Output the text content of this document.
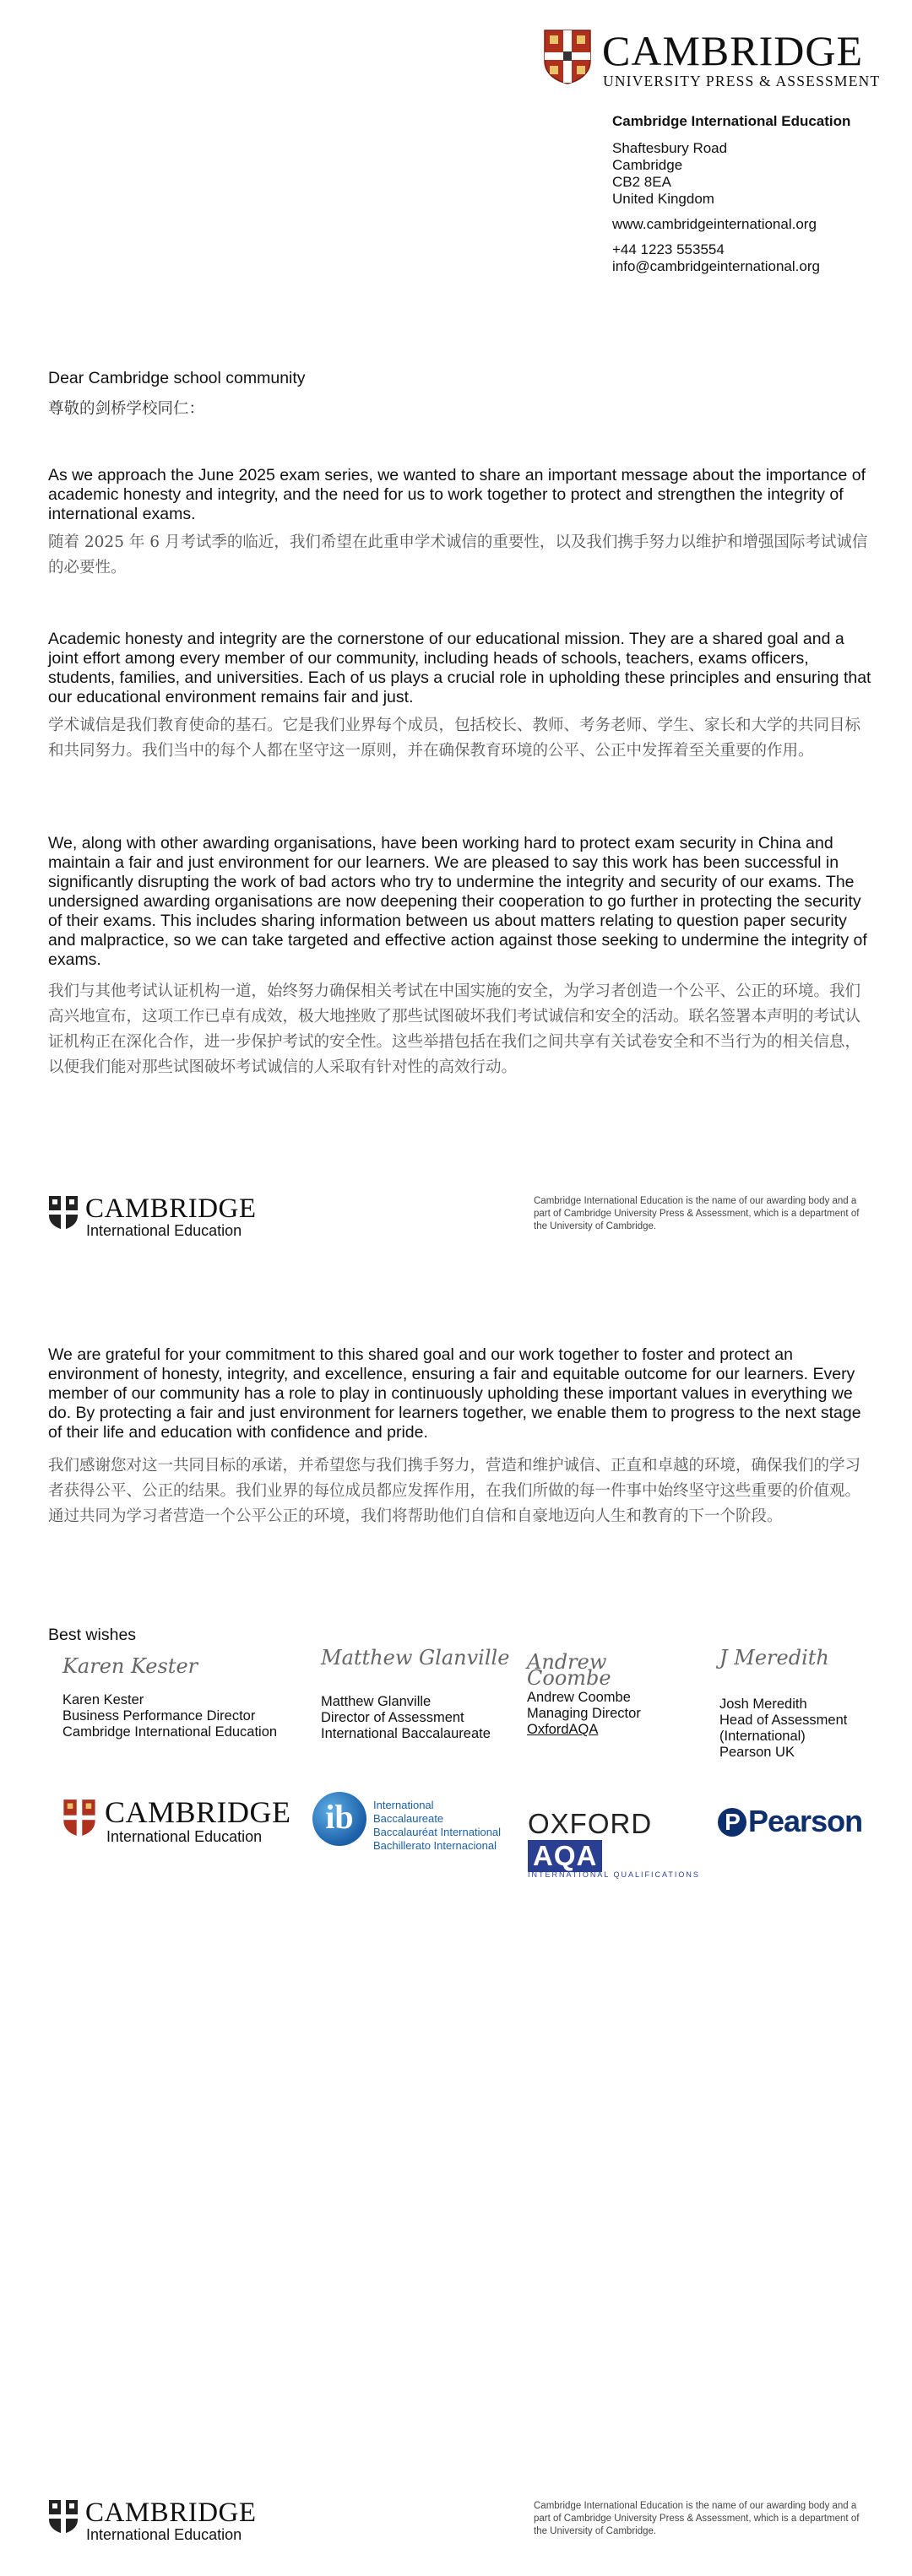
CAMBRIDGE
UNIVERSITY PRESS & ASSESSMENT
Cambridge International Education
Shaftesbury Road
Cambridge
CB2 8EA
United Kingdom
www.cambridgeinternational.org
+44 1223 553554
info@cambridgeinternational.org
Dear Cambridge school community
尊敬的剑桥学校同仁：
As we approach the June 2025 exam series, we wanted to share an important message about the importance of academic honesty and integrity, and the need for us to work together to protect and strengthen the integrity of international exams.
随着 2025 年 6 月考试季的临近，我们希望在此重申学术诚信的重要性，以及我们携手努力以维护和增强国际考试诚信的必要性。
Academic honesty and integrity are the cornerstone of our educational mission. They are a shared goal and a joint effort among every member of our community, including heads of schools, teachers, exams officers, students, families, and universities. Each of us plays a crucial role in upholding these principles and ensuring that our educational environment remains fair and just.
学术诚信是我们教育使命的基石。它是我们业界每个成员，包括校长、教师、考务老师、学生、家长和大学的共同目标和共同努力。我们当中的每个人都在坚守这一原则，并在确保教育环境的公平、公正中发挥着至关重要的作用。
We, along with other awarding organisations, have been working hard to protect exam security in China and maintain a fair and just environment for our learners. We are pleased to say this work has been successful in significantly disrupting the work of bad actors who try to undermine the integrity and security of our exams. The undersigned awarding organisations are now deepening their cooperation to go further in protecting the security of their exams. This includes sharing information between us about matters relating to question paper security and malpractice, so we can take targeted and effective action against those seeking to undermine the integrity of exams.
我们与其他考试认证机构一道，始终努力确保相关考试在中国实施的安全，为学习者创造一个公平、公正的环境。我们高兴地宣布，这项工作已卓有成效，极大地挫败了那些试图破坏我们考试诚信和安全的活动。联名签署本声明的考试认证机构正在深化合作，进一步保护考试的安全性。这些举措包括在我们之间共享有关试卷安全和不当行为的相关信息，以便我们能对那些试图破坏考试诚信的人采取有针对性的高效行动。
CAMBRIDGE
International Education
Cambridge International Education is the name of our awarding body and a part of Cambridge University Press & Assessment, which is a department of the University of Cambridge.
We are grateful for your commitment to this shared goal and our work together to foster and protect an environment of honesty, integrity, and excellence, ensuring a fair and equitable outcome for our learners. Every member of our community has a role to play in continuously upholding these important values in everything we do. By protecting a fair and just environment for learners together, we enable them to progress to the next stage of their life and education with confidence and pride.
我们感谢您对这一共同目标的承诺，并希望您与我们携手努力，营造和维护诚信、正直和卓越的环境，确保我们的学习者获得公平、公正的结果。我们业界的每位成员都应发挥作用，在我们所做的每一件事中始终坚守这些重要的价值观。通过共同为学习者营造一个公平公正的环境，我们将帮助他们自信和自豪地迈向人生和教育的下一个阶段。
Best wishes
Karen Kester
Karen Kester
Business Performance Director
Cambridge International Education
Matthew Glanville
Matthew Glanville
Director of Assessment
International Baccalaureate
Andrew Coombe
Andrew Coombe
Managing Director
OxfordAQA
J Meredith
Josh Meredith
Head of Assessment
(International)
Pearson UK
CAMBRIDGE
International Education
ib	International Baccalaureate
Baccalauréat International
Bachillerato Internacional
OXFORDAQA
INTERNATIONAL QUALIFICATIONS
P Pearson
CAMBRIDGE
International Education
Cambridge International Education is the name of our awarding body and a part of Cambridge University Press & Assessment, which is a department of the University of Cambridge.
